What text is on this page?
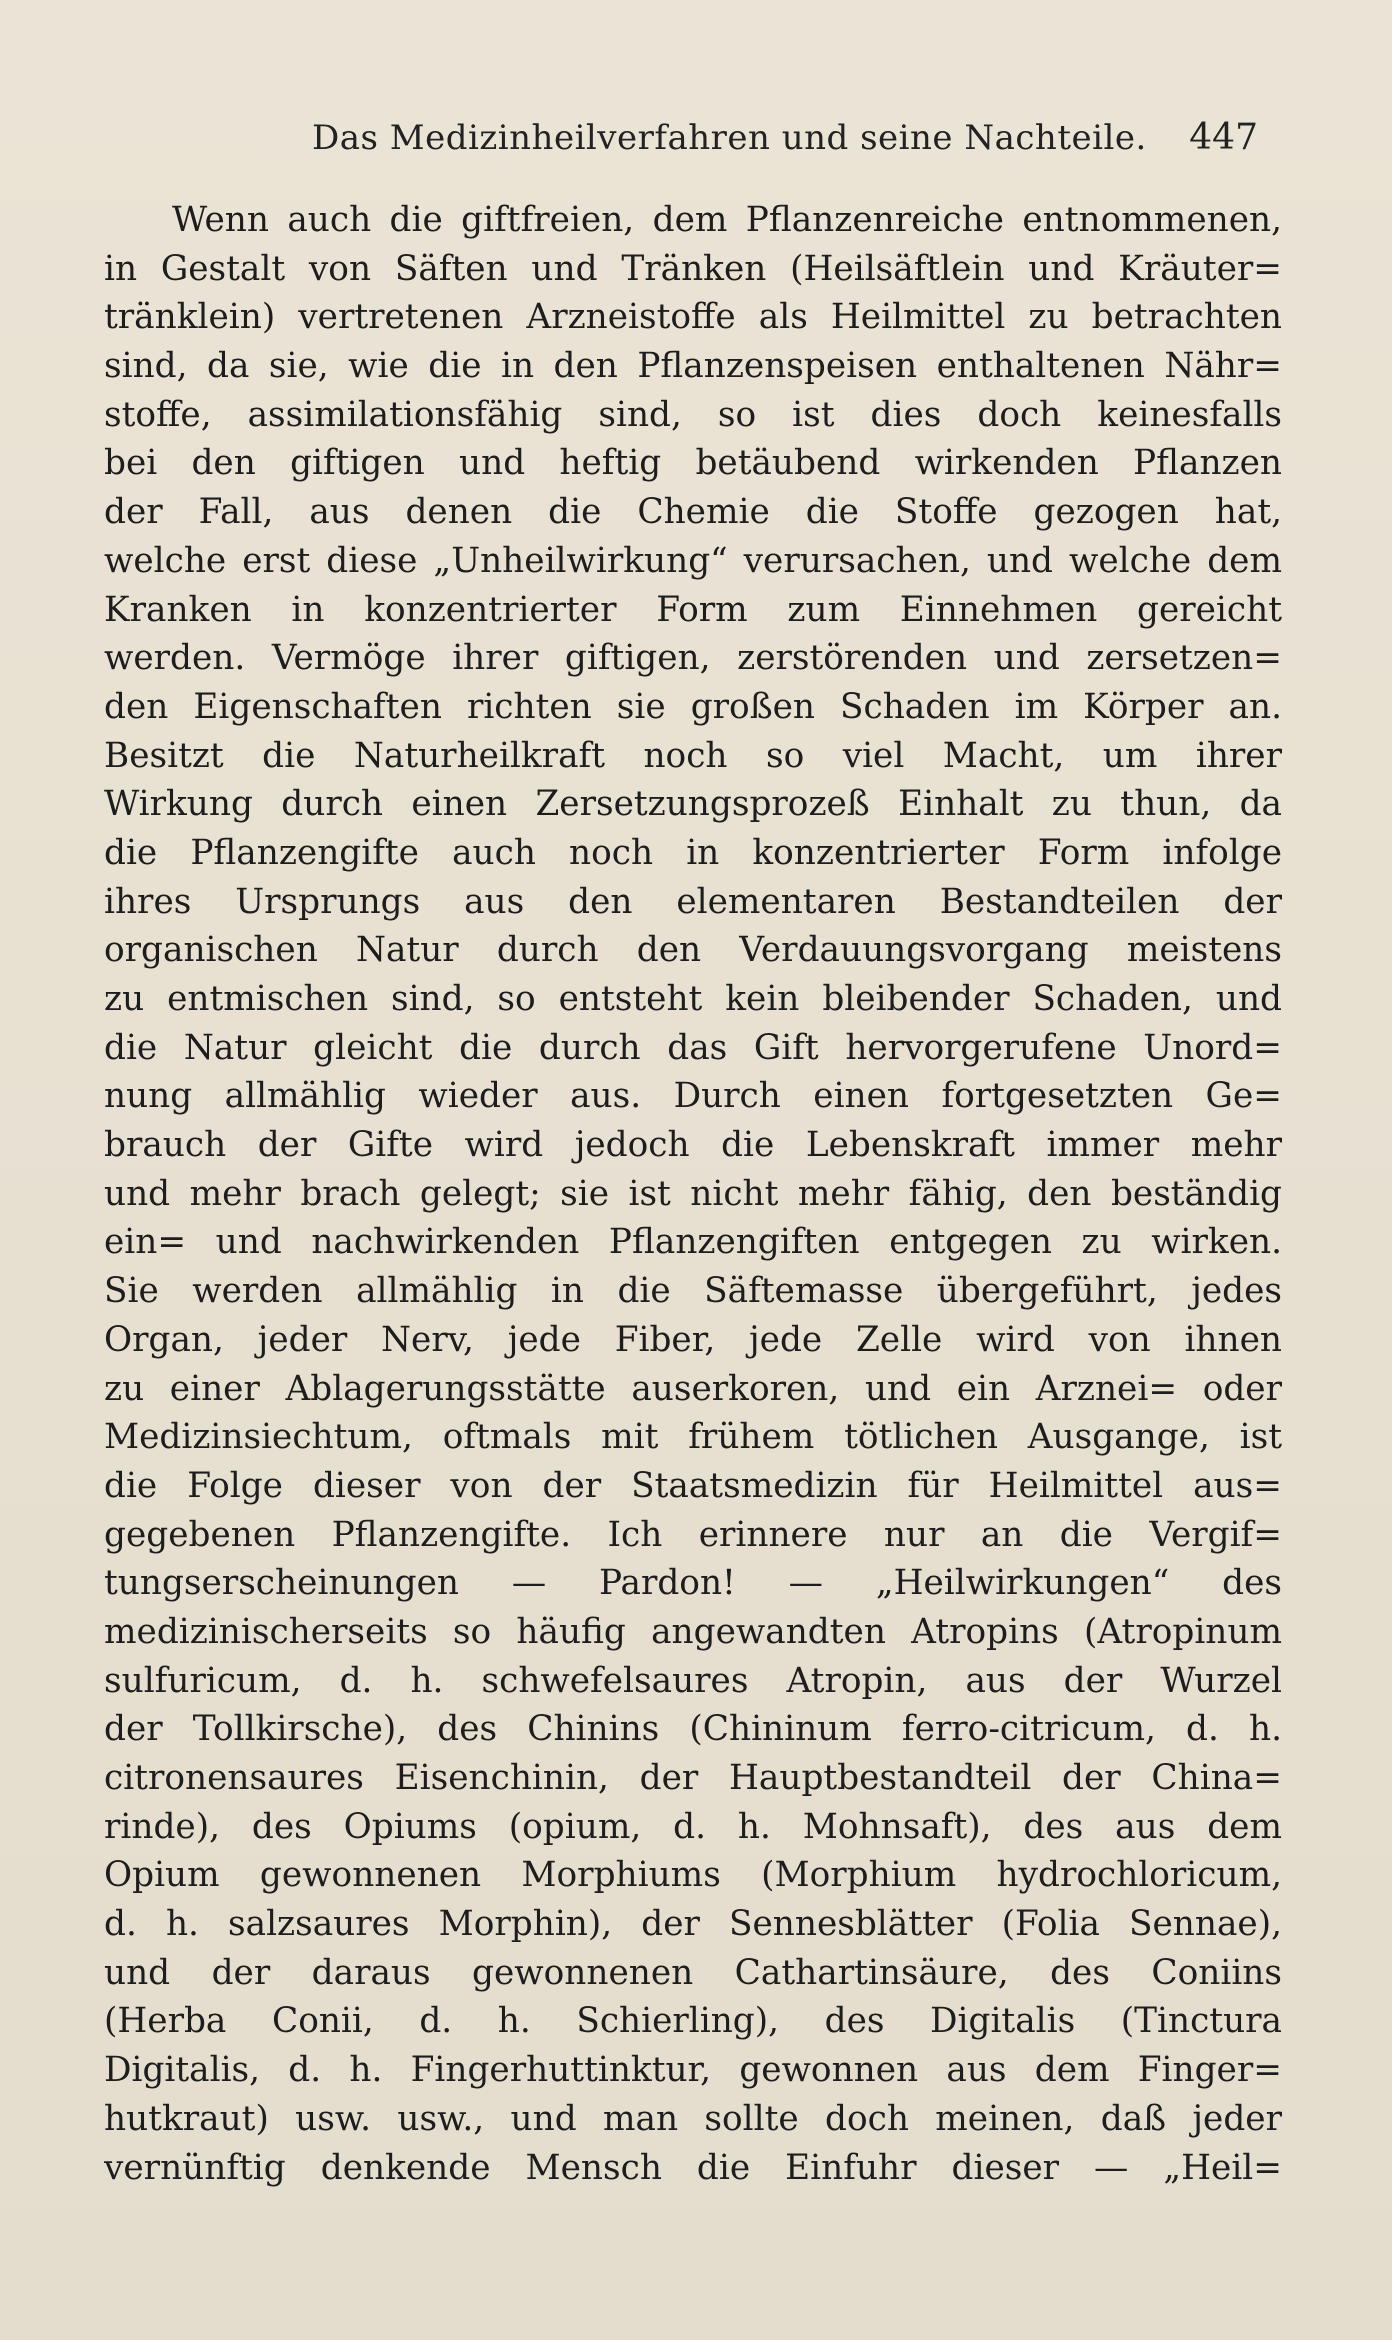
Das Medizinheilverfahren und seine Nachteile. 447
Wenn auch die giftfreien, dem Pflanzenreiche entnommenen,
in Gestalt von Säften und Tränken (Heilsäftlein und Kräuter=
tränklein) vertretenen Arzneistoffe als Heilmittel zu betrachten
sind, da sie, wie die in den Pflanzenspeisen enthaltenen Nähr=
stoffe, assimilationsfähig sind, so ist dies doch keinesfalls
bei den giftigen und heftig betäubend wirkenden Pflanzen
der Fall, aus denen die Chemie die Stoffe gezogen hat,
welche erst diese „Unheilwirkung“ verursachen, und welche dem
Kranken in konzentrierter Form zum Einnehmen gereicht
werden. Vermöge ihrer giftigen, zerstörenden und zersetzen=
den Eigenschaften richten sie großen Schaden im Körper an.
Besitzt die Naturheilkraft noch so viel Macht, um ihrer
Wirkung durch einen Zersetzungsprozeß Einhalt zu thun, da
die Pflanzengifte auch noch in konzentrierter Form infolge
ihres Ursprungs aus den elementaren Bestandteilen der
organischen Natur durch den Verdauungsvorgang meistens
zu entmischen sind, so entsteht kein bleibender Schaden, und
die Natur gleicht die durch das Gift hervorgerufene Unord=
nung allmählig wieder aus. Durch einen fortgesetzten Ge=
brauch der Gifte wird jedoch die Lebenskraft immer mehr
und mehr brach gelegt; sie ist nicht mehr fähig, den beständig
ein= und nachwirkenden Pflanzengiften entgegen zu wirken.
Sie werden allmählig in die Säftemasse übergeführt, jedes
Organ, jeder Nerv, jede Fiber, jede Zelle wird von ihnen
zu einer Ablagerungsstätte auserkoren, und ein Arznei= oder
Medizinsiechtum, oftmals mit frühem tötlichen Ausgange, ist
die Folge dieser von der Staatsmedizin für Heilmittel aus=
gegebenen Pflanzengifte. Ich erinnere nur an die Vergif=
tungserscheinungen — Pardon! — „Heilwirkungen“ des
medizinischerseits so häufig angewandten Atropins (Atropinum
sulfuricum, d. h. schwefelsaures Atropin, aus der Wurzel
der Tollkirsche), des Chinins (Chininum ferro-citricum, d. h.
citronensaures Eisenchinin, der Hauptbestandteil der China=
rinde), des Opiums (opium, d. h. Mohnsaft), des aus dem
Opium gewonnenen Morphiums (Morphium hydrochloricum,
d. h. salzsaures Morphin), der Sennesblätter (Folia Sennae),
und der daraus gewonnenen Cathartinsäure, des Coniins
(Herba Conii, d. h. Schierling), des Digitalis (Tinctura
Digitalis, d. h. Fingerhuttinktur, gewonnen aus dem Finger=
hutkraut) usw. usw., und man sollte doch meinen, daß jeder
vernünftig denkende Mensch die Einfuhr dieser — „Heil=
